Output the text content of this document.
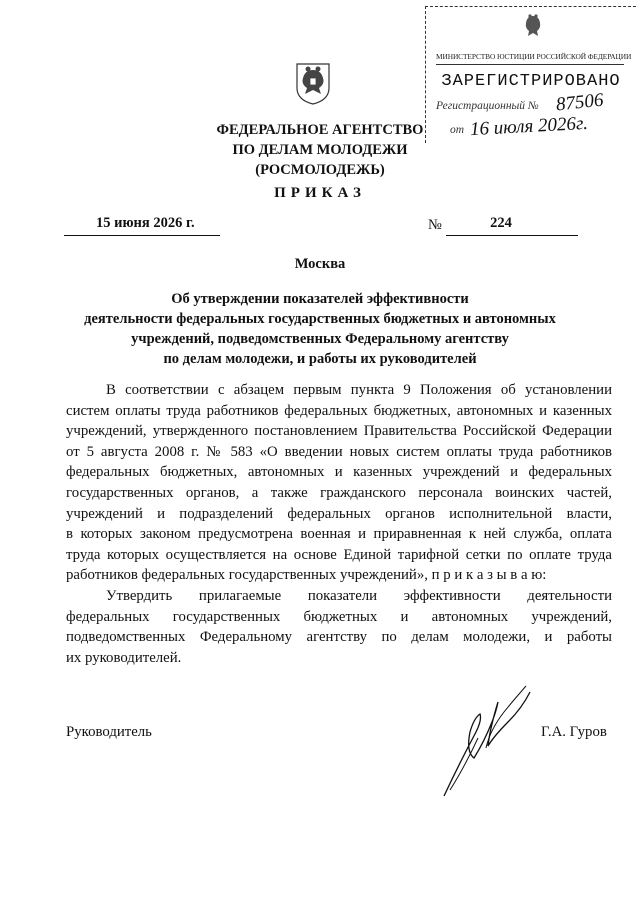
ФЕДЕРАЛЬНОЕ АГЕНТСТВО
ПО ДЕЛАМ МОЛОДЕЖИ
(РОСМОЛОДЕЖЬ)
ПРИКАЗ
15 июня 2026 г.	№	224
Москва
Об утверждении показателей эффективности
деятельности федеральных государственных бюджетных и автономных
учреждений, подведомственных Федеральному агентству
по делам молодежи, и работы их руководителей
В соответствии с абзацем первым пункта 9 Положения об установлении
систем оплаты труда работников федеральных бюджетных, автономных и казенных
учреждений, утвержденного постановлением Правительства Российской Федерации
от 5 августа 2008 г. № 583 «О введении новых систем оплаты труда работников
федеральных бюджетных, автономных и казенных учреждений и федеральных
государственных органов, а также гражданского персонала воинских частей,
учреждений и подразделений федеральных органов исполнительной власти,
в которых законом предусмотрена военная и приравненная к ней служба, оплата
труда которых осуществляется на основе Единой тарифной сетки по оплате труда
работников федеральных государственных учреждений», п р и к а з ы в а ю:
Утвердить прилагаемые показатели эффективности деятельности
федеральных государственных бюджетных и автономных учреждений,
подведомственных Федеральному агентству по делам молодежи, и работы
их руководителей.
Руководитель	Г.А. Гуров
МИНИСТЕРСТВО ЮСТИЦИИ РОССИЙСКОЙ ФЕДЕРАЦИИ
ЗАРЕГИСТРИРОВАНО
Регистрационный № 87506
от 16 июля 2026г.
